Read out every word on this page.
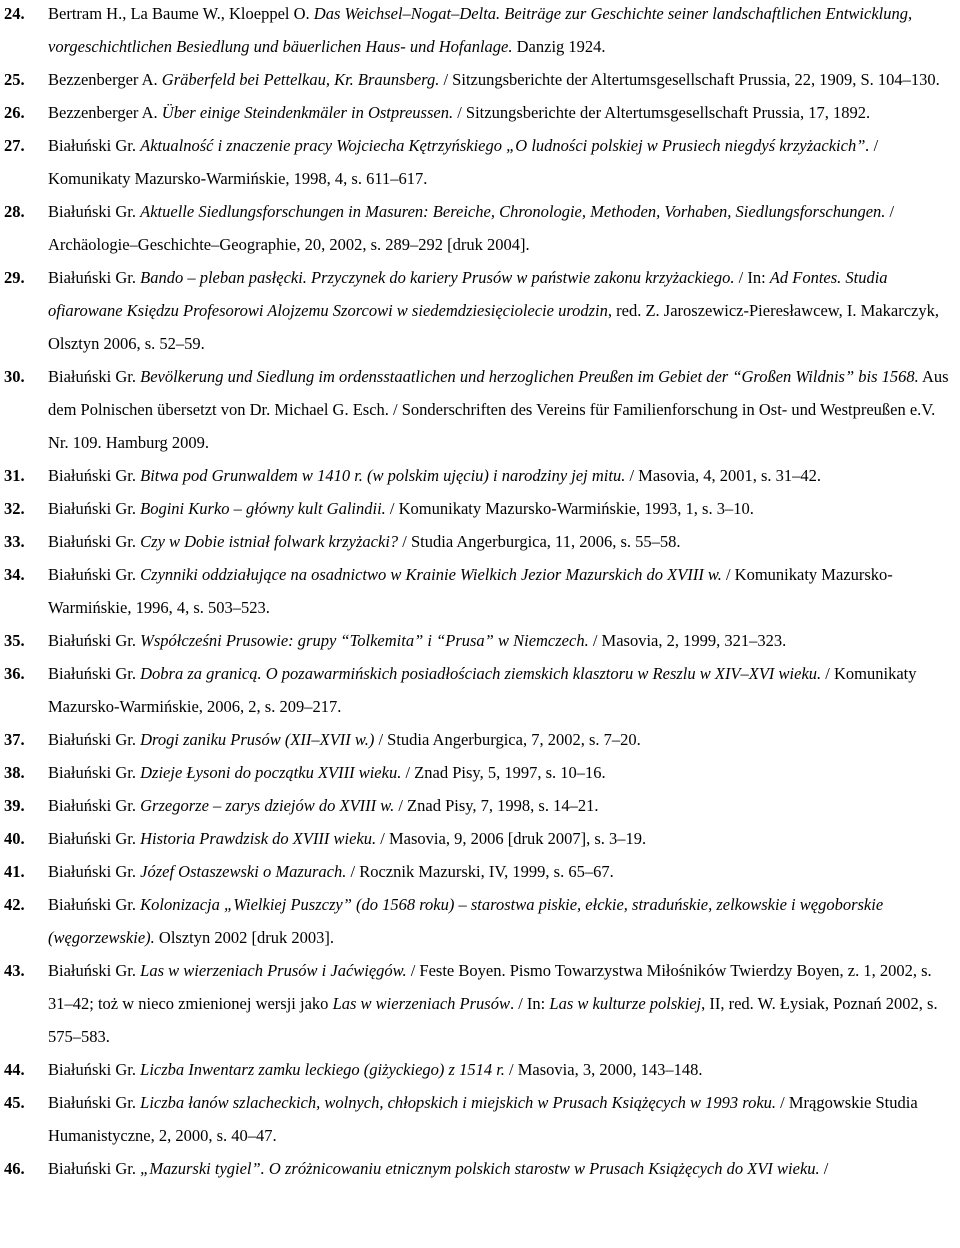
24.	Bertram H., La Baume W., Kloeppel O. Das Weichsel–Nogat–Delta. Beiträge zur Geschichte seiner landschaftlichen Entwicklung, vorgeschichtlichen Besiedlung und bäuerlichen Haus- und Hofanlage. Danzig 1924.
25.	Bezzenberger A. Gräberfeld bei Pettelkau, Kr. Braunsberg. / Sitzungsberichte der Altertumsgesellschaft Prussia, 22, 1909, S. 104–130.
26.	Bezzenberger A. Über einige Steindenkmäler in Ostpreussen. / Sitzungsberichte der Altertumsgesellschaft Prussia, 17, 1892.
27.	Białuński Gr. Aktualność i znaczenie pracy Wojciecha Kętrzyńskiego „O ludności polskiej w Prusiech niegdyś krzyżackich”. / Komunikaty Mazursko-Warmińskie, 1998, 4, s. 611–617.
28.	Białuński Gr. Aktuelle Siedlungsforschungen in Masuren: Bereiche, Chronologie, Methoden, Vorhaben, Siedlungsforschungen. / Archäologie–Geschichte–Geographie, 20, 2002, s. 289–292 [druk 2004].
29.	Białuński Gr. Bando – pleban pasłęcki. Przyczynek do kariery Prusów w państwie zakonu krzyżackiego. / In: Ad Fontes. Studia ofiarowane Księdzu Profesorowi Alojzemu Szorcowi w siedemdziesięciolecie urodzin, red. Z. Jaroszewicz-Pieresławcew, I. Makarczyk, Olsztyn 2006, s. 52–59.
30.	Białuński Gr. Bevölkerung und Siedlung im ordensstaatlichen und herzoglichen Preußen im Gebiet der “Großen Wildnis” bis 1568. Aus dem Polnischen übersetzt von Dr. Michael G. Esch. / Sonderschriften des Vereins für Familienforschung in Ost- und Westpreußen e.V. Nr. 109. Hamburg 2009.
31.	Białuński Gr. Bitwa pod Grunwaldem w 1410 r. (w polskim ujęciu) i narodziny jej mitu. / Masovia, 4, 2001, s. 31–42.
32.	Białuński Gr. Bogini Kurko – główny kult Galindii. / Komunikaty Mazursko-Warmińskie, 1993, 1, s. 3–10.
33.	Białuński Gr. Czy w Dobie istniał folwark krzyżacki? / Studia Angerburgica, 11, 2006, s. 55–58.
34.	Białuński Gr. Czynniki oddziałujące na osadnictwo w Krainie Wielkich Jezior Mazurskich do XVIII w. / Komunikaty Mazursko-Warmińskie, 1996, 4, s. 503–523.
35.	Białuński Gr. Współcześni Prusowie: grupy “Tolkemita” i “Prusa” w Niemczech. / Masovia, 2, 1999, 321–323.
36.	Białuński Gr. Dobra za granicą. O pozawarmińskich posiadłościach ziemskich klasztoru w Reszlu w XIV–XVI wieku. / Komunikaty Mazursko-Warmińskie, 2006, 2, s. 209–217.
37.	Białuński Gr. Drogi zaniku Prusów (XII–XVII w.) / Studia Angerburgica, 7, 2002, s. 7–20.
38.	Białuński Gr. Dzieje Łysoni do początku XVIII wieku. / Znad Pisy, 5, 1997, s. 10–16.
39.	Białuński Gr. Grzegorze – zarys dziejów do XVIII w. / Znad Pisy, 7, 1998, s. 14–21.
40.	Białuński Gr. Historia Prawdzisk do XVIII wieku. / Masovia, 9, 2006 [druk 2007], s. 3–19.
41.	Białuński Gr. Józef Ostaszewski o Mazurach. / Rocznik Mazurski, IV, 1999, s. 65–67.
42.	Białuński Gr. Kolonizacja „Wielkiej Puszczy” (do 1568 roku) – starostwa piskie, ełckie, straduńskie, zelkowskie i węgoborskie (węgorzewskie). Olsztyn 2002 [druk 2003].
43.	Białuński Gr. Las w wierzeniach Prusów i Jaćwięgów. / Feste Boyen. Pismo Towarzystwa Miłośników Twierdzy Boyen, z. 1, 2002, s. 31–42; toż w nieco zmienionej wersji jako Las w wierzeniach Prusów. / In: Las w kulturze polskiej, II, red. W. Łysiak, Poznań 2002, s. 575–583.
44.	Białuński Gr. Liczba Inwentarz zamku leckiego (giżyckiego) z 1514 r. / Masovia, 3, 2000, 143–148.
45.	Białuński Gr. Liczba łanów szlacheckich, wolnych, chłopskich i miejskich w Prusach Książęcych w 1993 roku. / Mrągowskie Studia Humanistyczne, 2, 2000, s. 40–47.
46.	Białuński Gr. „Mazurski tygiel”. O zróżnicowaniu etnicznym polskich starostw w Prusach Książęcych do XVI wieku. /
